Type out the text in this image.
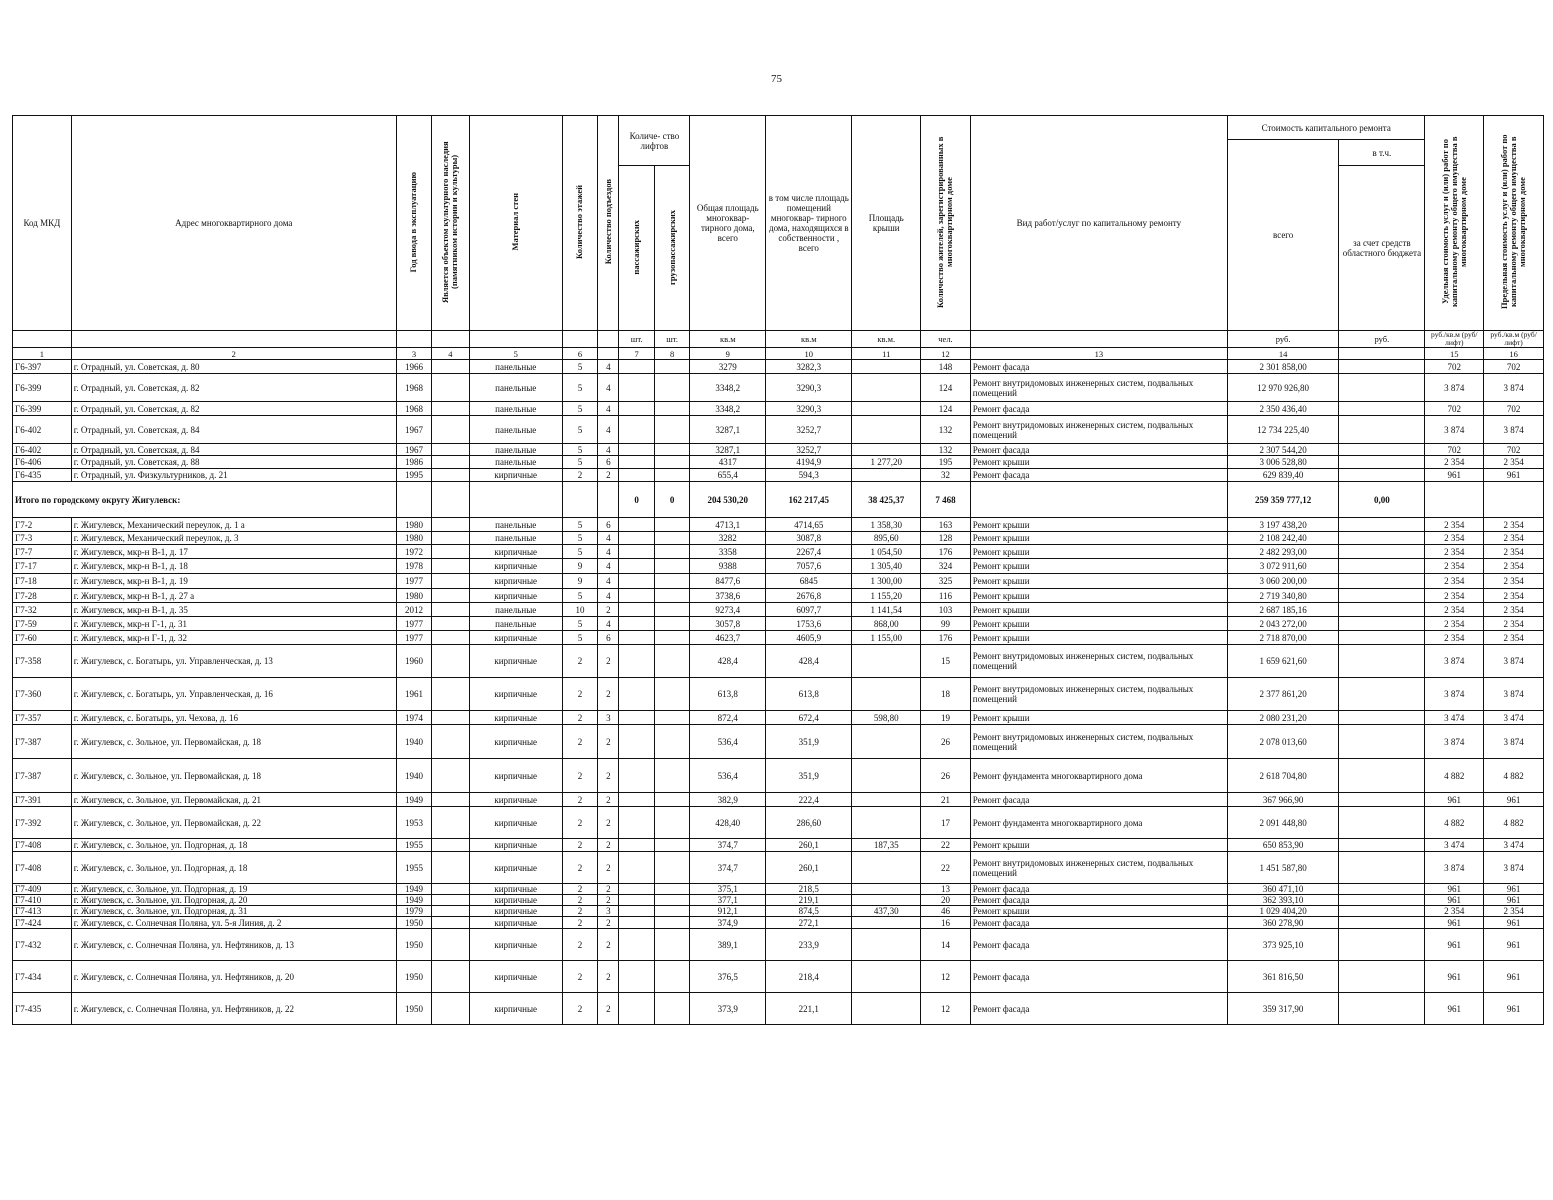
75
Код МКД	Адрес многоквартирного дома	Год ввода в эксплуатацию	Является объектом культурного наследия (памятником истории и культуры)	Материал стен	Количество этажей	Количество подъездов	Количе- ство лифтов		Общая площадь многоквар- тирного дома, всего	в том числе площадь помещений многоквар- тирного дома, находящихся в собственности , всего	Площадь крыши	Количество жителей, зарегистрированных в многоквартирном доме	Вид работ/услуг по капитальному ремонту	Стоимость капитального ремонта		Удельная стоимость услуг и (или) работ по капитальному ремонту общего имущества в многоквартирном доме	Предельная стоимость услуг и (или) работ по капитальному ремонту общего имущества в многоквартирном доме
														всего	в т.ч.		
							пассажирских	грузопассажирских							за счет средств областного бюджета		
							шт.	шт.	кв.м	кв.м	кв.м.	чел.		руб.	руб.	руб./кв.м (руб/лифт)	руб./кв.м (руб/лифт)
1	2	3	4	5	6		7	8	9	10	11	12	13	14		15	16
Г6-397	г. Отрадный, ул. Советская, д. 80	1966		панельные	5	4			3279	3282,3		148	Ремонт фасада	2 301 858,00		702	702
Г6-399	г. Отрадный, ул. Советская, д. 82	1968		панельные	5	4			3348,2	3290,3		124	Ремонт внутридомовых инженерных систем, подвальных помещений	12 970 926,80		3 874	3 874
Г6-399	г. Отрадный, ул. Советская, д. 82	1968		панельные	5	4			3348,2	3290,3		124	Ремонт фасада	2 350 436,40		702	702
Г6-402	г. Отрадный, ул. Советская, д. 84	1967		панельные	5	4			3287,1	3252,7		132	Ремонт внутридомовых инженерных систем, подвальных помещений	12 734 225,40		3 874	3 874
Г6-402	г. Отрадный, ул. Советская, д. 84	1967		панельные	5	4			3287,1	3252,7		132	Ремонт фасада	2 307 544,20		702	702
Г6-406	г. Отрадный, ул. Советская, д. 88	1986		панельные	5	6			4317	4194,9	1 277,20	195	Ремонт крыши	3 006 528,80		2 354	2 354
Г6-435	г. Отрадный, ул. Физкультурников, д. 21	1995		кирпичные	2	2			655,4	594,3		32	Ремонт фасада	629 839,40		961	961
Итого по городскому округу Жигулевск:							0	0	204 530,20	162 217,45	38 425,37	7 468		259 359 777,12	0,00		
Г7-2	г. Жигулевск, Механический переулок, д. 1 а	1980		панельные	5	6			4713,1	4714,65	1 358,30	163	Ремонт крыши	3 197 438,20		2 354	2 354
Г7-3	г. Жигулевск, Механический переулок, д. 3	1980		панельные	5	4			3282	3087,8	895,60	128	Ремонт крыши	2 108 242,40		2 354	2 354
Г7-7	г. Жигулевск, мкр-н В-1, д. 17	1972		кирпичные	5	4			3358	2267,4	1 054,50	176	Ремонт крыши	2 482 293,00		2 354	2 354
Г7-17	г. Жигулевск, мкр-н В-1, д. 18	1978		кирпичные	9	4			9388	7057,6	1 305,40	324	Ремонт крыши	3 072 911,60		2 354	2 354
Г7-18	г. Жигулевск, мкр-н В-1, д. 19	1977		кирпичные	9	4			8477,6	6845	1 300,00	325	Ремонт крыши	3 060 200,00		2 354	2 354
Г7-28	г. Жигулевск, мкр-н В-1, д. 27 а	1980		кирпичные	5	4			3738,6	2676,8	1 155,20	116	Ремонт крыши	2 719 340,80		2 354	2 354
Г7-32	г. Жигулевск, мкр-н В-1, д. 35	2012		панельные	10	2			9273,4	6097,7	1 141,54	103	Ремонт крыши	2 687 185,16		2 354	2 354
Г7-59	г. Жигулевск, мкр-н Г-1, д. 31	1977		панельные	5	4			3057,8	1753,6	868,00	99	Ремонт крыши	2 043 272,00		2 354	2 354
Г7-60	г. Жигулевск, мкр-н Г-1, д. 32	1977		кирпичные	5	6			4623,7	4605,9	1 155,00	176	Ремонт крыши	2 718 870,00		2 354	2 354
Г7-358	г. Жигулевск, с. Богатырь, ул. Управленческая, д. 13	1960		кирпичные	2	2			428,4	428,4		15	Ремонт внутридомовых инженерных систем, подвальных помещений	1 659 621,60		3 874	3 874
Г7-360	г. Жигулевск, с. Богатырь, ул. Управленческая, д. 16	1961		кирпичные	2	2			613,8	613,8		18	Ремонт внутридомовых инженерных систем, подвальных помещений	2 377 861,20		3 874	3 874
Г7-357	г. Жигулевск, с. Богатырь, ул. Чехова, д. 16	1974		кирпичные	2	3			872,4	672,4	598,80	19	Ремонт крыши	2 080 231,20		3 474	3 474
Г7-387	г. Жигулевск, с. Зольное, ул. Первомайская, д. 18	1940		кирпичные	2	2			536,4	351,9		26	Ремонт внутридомовых инженерных систем, подвальных помещений	2 078 013,60		3 874	3 874
Г7-387	г. Жигулевск, с. Зольное, ул. Первомайская, д. 18	1940		кирпичные	2	2			536,4	351,9		26	Ремонт фундамента многоквартирного дома	2 618 704,80		4 882	4 882
Г7-391	г. Жигулевск, с. Зольное, ул. Первомайская, д. 21	1949		кирпичные	2	2			382,9	222,4		21	Ремонт фасада	367 966,90		961	961
Г7-392	г. Жигулевск, с. Зольное, ул. Первомайская, д. 22	1953		кирпичные	2	2			428,40	286,60		17	Ремонт фундамента многоквартирного дома	2 091 448,80		4 882	4 882
Г7-408	г. Жигулевск, с. Зольное, ул. Подгорная, д. 18	1955		кирпичные	2	2			374,7	260,1	187,35	22	Ремонт крыши	650 853,90		3 474	3 474
Г7-408	г. Жигулевск, с. Зольное, ул. Подгорная, д. 18	1955		кирпичные	2	2			374,7	260,1		22	Ремонт внутридомовых инженерных систем, подвальных помещений	1 451 587,80		3 874	3 874
Г7-409	г. Жигулевск, с. Зольное, ул. Подгорная, д. 19	1949		кирпичные	2	2			375,1	218,5		13	Ремонт фасада	360 471,10		961	961
Г7-410	г. Жигулевск, с. Зольное, ул. Подгорная, д. 20	1949		кирпичные	2	2			377,1	219,1		20	Ремонт фасада	362 393,10		961	961
Г7-413	г. Жигулевск, с. Зольное, ул. Подгорная, д. 31	1979		кирпичные	2	3			912,1	874,5	437,30	46	Ремонт крыши	1 029 404,20		2 354	2 354
Г7-424	г. Жигулевск, с. Солнечная Поляна, ул. 5-я Линия, д. 2	1950		кирпичные	2	2			374,9	272,1		16	Ремонт фасада	360 278,90		961	961
Г7-432	г. Жигулевск, с. Солнечная Поляна, ул. Нефтяников, д. 13	1950		кирпичные	2	2			389,1	233,9		14	Ремонт фасада	373 925,10		961	961
Г7-434	г. Жигулевск, с. Солнечная Поляна, ул. Нефтяников, д. 20	1950		кирпичные	2	2			376,5	218,4		12	Ремонт фасада	361 816,50		961	961
Г7-435	г. Жигулевск, с. Солнечная Поляна, ул. Нефтяников, д. 22	1950		кирпичные	2	2			373,9	221,1		12	Ремонт фасада	359 317,90		961	961
